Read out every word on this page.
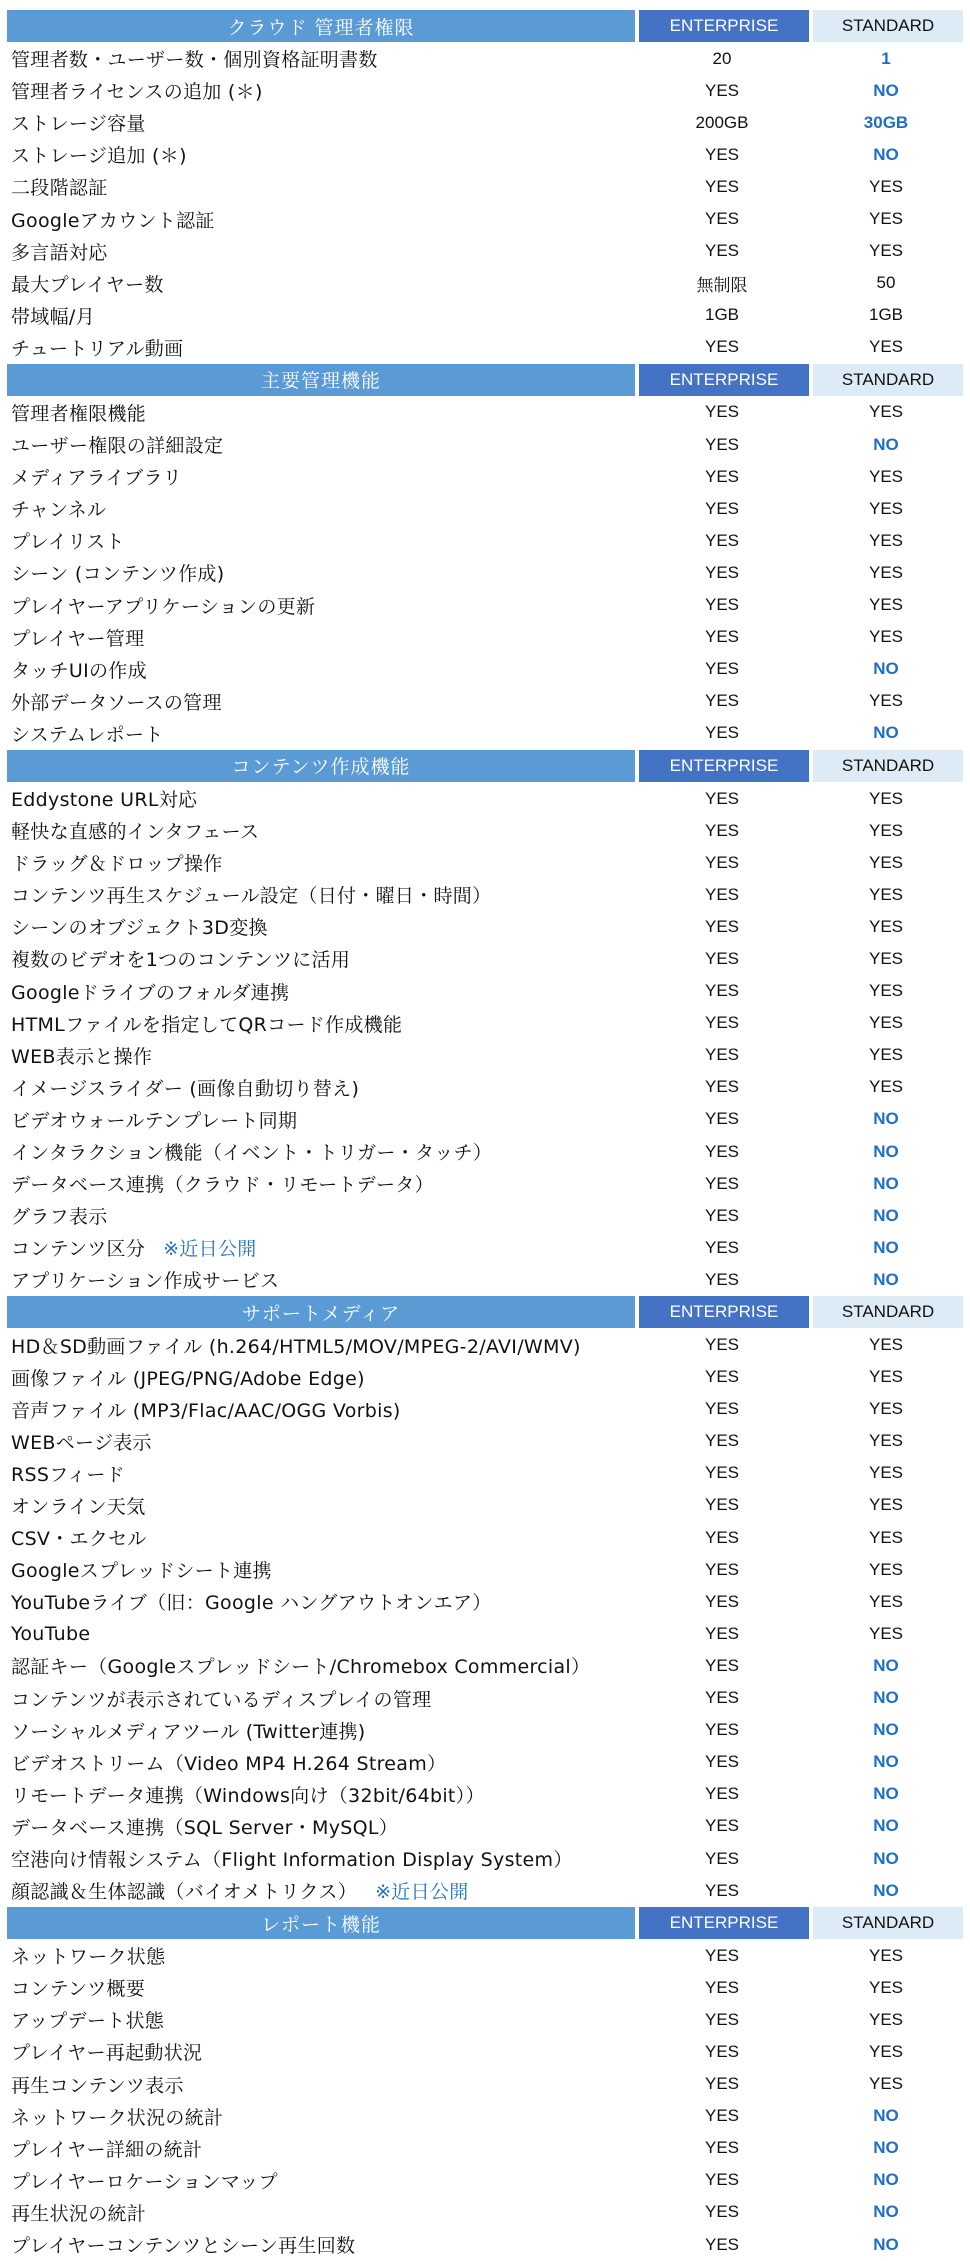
クラウド 管理者権限	ENTERPRISE	STANDARD
管理者数・ユーザー数・個別資格証明書数	20	1
管理者ライセンスの追加 (＊)	YES	NO
ストレージ容量	200GB	30GB
ストレージ追加 (＊)	YES	NO
二段階認証	YES	YES
Googleアカウント認証	YES	YES
多言語対応	YES	YES
最大プレイヤー数	無制限	50
帯域幅/月	1GB	1GB
チュートリアル動画	YES	YES
主要管理機能	ENTERPRISE	STANDARD
管理者権限機能	YES	YES
ユーザー権限の詳細設定	YES	NO
メディアライブラリ	YES	YES
チャンネル	YES	YES
プレイリスト	YES	YES
シーン (コンテンツ作成)	YES	YES
プレイヤーアプリケーションの更新	YES	YES
プレイヤー管理	YES	YES
タッチUIの作成	YES	NO
外部データソースの管理	YES	YES
システムレポート	YES	NO
コンテンツ作成機能	ENTERPRISE	STANDARD
Eddystone URL対応	YES	YES
軽快な直感的インタフェース	YES	YES
ドラッグ＆ドロップ操作	YES	YES
コンテンツ再生スケジュール設定（日付・曜日・時間）	YES	YES
シーンのオブジェクト3D変換	YES	YES
複数のビデオを1つのコンテンツに活用	YES	YES
Googleドライブのフォルダ連携	YES	YES
HTMLファイルを指定してQRコード作成機能	YES	YES
WEB表示と操作	YES	YES
イメージスライダー (画像自動切り替え)	YES	YES
ビデオウォールテンプレート同期	YES	NO
インタラクション機能（イベント・トリガー・タッチ）	YES	NO
データベース連携（クラウド・リモートデータ）	YES	NO
グラフ表示	YES	NO
コンテンツ区分 ※近日公開	YES	NO
アプリケーション作成サービス	YES	NO
サポートメディア	ENTERPRISE	STANDARD
HD＆SD動画ファイル (h.264/HTML5/MOV/MPEG-2/AVI/WMV)	YES	YES
画像ファイル (JPEG/PNG/Adobe Edge)	YES	YES
音声ファイル (MP3/Flac/AAC/OGG Vorbis)	YES	YES
WEBページ表示	YES	YES
RSSフィード	YES	YES
オンライン天気	YES	YES
CSV・エクセル	YES	YES
Googleスプレッドシート連携	YES	YES
YouTubeライブ（旧：Google ハングアウトオンエア）	YES	YES
YouTube	YES	YES
認証キー（Googleスプレッドシート/Chromebox Commercial）	YES	NO
コンテンツが表示されているディスプレイの管理	YES	NO
ソーシャルメディアツール (Twitter連携)	YES	NO
ビデオストリーム（Video MP4 H.264 Stream）	YES	NO
リモートデータ連携（Windows向け（32bit/64bit））	YES	NO
データベース連携（SQL Server・MySQL）	YES	NO
空港向け情報システム（Flight Information Display System）	YES	NO
顔認識＆生体認識（バイオメトリクス） ※近日公開	YES	NO
レポート機能	ENTERPRISE	STANDARD
ネットワーク状態	YES	YES
コンテンツ概要	YES	YES
アップデート状態	YES	YES
プレイヤー再起動状況	YES	YES
再生コンテンツ表示	YES	YES
ネットワーク状況の統計	YES	NO
プレイヤー詳細の統計	YES	NO
プレイヤーロケーションマップ	YES	NO
再生状況の統計	YES	NO
プレイヤーコンテンツとシーン再生回数	YES	NO
